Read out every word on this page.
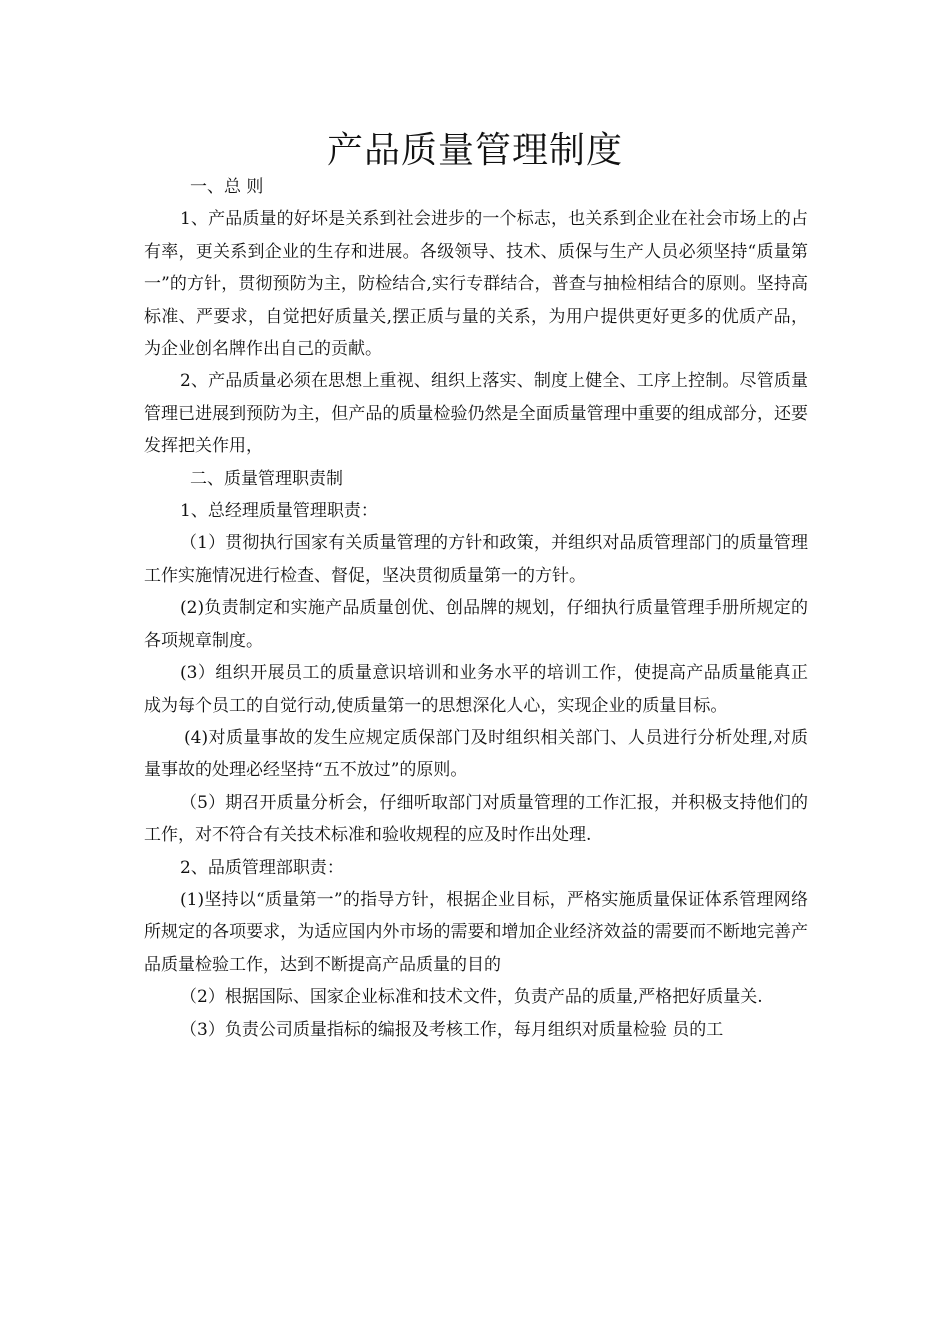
产品质量管理制度

一、总 则

1、产品质量的好坏是关系到社会进步的一个标志，也关系到企业在社会市场上的占有率，更关系到企业的生存和进展。各级领导、技术、质保与生产人员必须坚持“质量第一”的方针，贯彻预防为主，防检结合,实行专群结合，普查与抽检相结合的原则。坚持高标准、严要求，自觉把好质量关,摆正质与量的关系，为用户提供更好更多的优质产品，为企业创名牌作出自己的贡献。

2、产品质量必须在思想上重视、组织上落实、制度上健全、工序上控制。尽管质量管理已进展到预防为主，但产品的质量检验仍然是全面质量管理中重要的组成部分，还要发挥把关作用，

二、质量管理职责制

1、总经理质量管理职责：

（1）贯彻执行国家有关质量管理的方针和政策，并组织对品质管理部门的质量管理工作实施情况进行检查、督促，坚决贯彻质量第一的方针。

(2)负责制定和实施产品质量创优、创品牌的规划，仔细执行质量管理手册所规定的各项规章制度。

(3）组织开展员工的质量意识培训和业务水平的培训工作，使提高产品质量能真正成为每个员工的自觉行动,使质量第一的思想深化人心，实现企业的质量目标。

(4)对质量事故的发生应规定质保部门及时组织相关部门、人员进行分析处理,对质量事故的处理必经坚持“五不放过”的原则。

（5）期召开质量分析会，仔细听取部门对质量管理的工作汇报，并积极支持他们的工作，对不符合有关技术标准和验收规程的应及时作出处理.

2、品质管理部职责：

(1)坚持以“质量第一”的指导方针，根据企业目标，严格实施质量保证体系管理网络所规定的各项要求，为适应国内外市场的需要和增加企业经济效益的需要而不断地完善产品质量检验工作，达到不断提高产品质量的目的

（2）根据国际、国家企业标准和技术文件，负责产品的质量,严格把好质量关.

（3）负责公司质量指标的编报及考核工作，每月组织对质量检验 员的工
